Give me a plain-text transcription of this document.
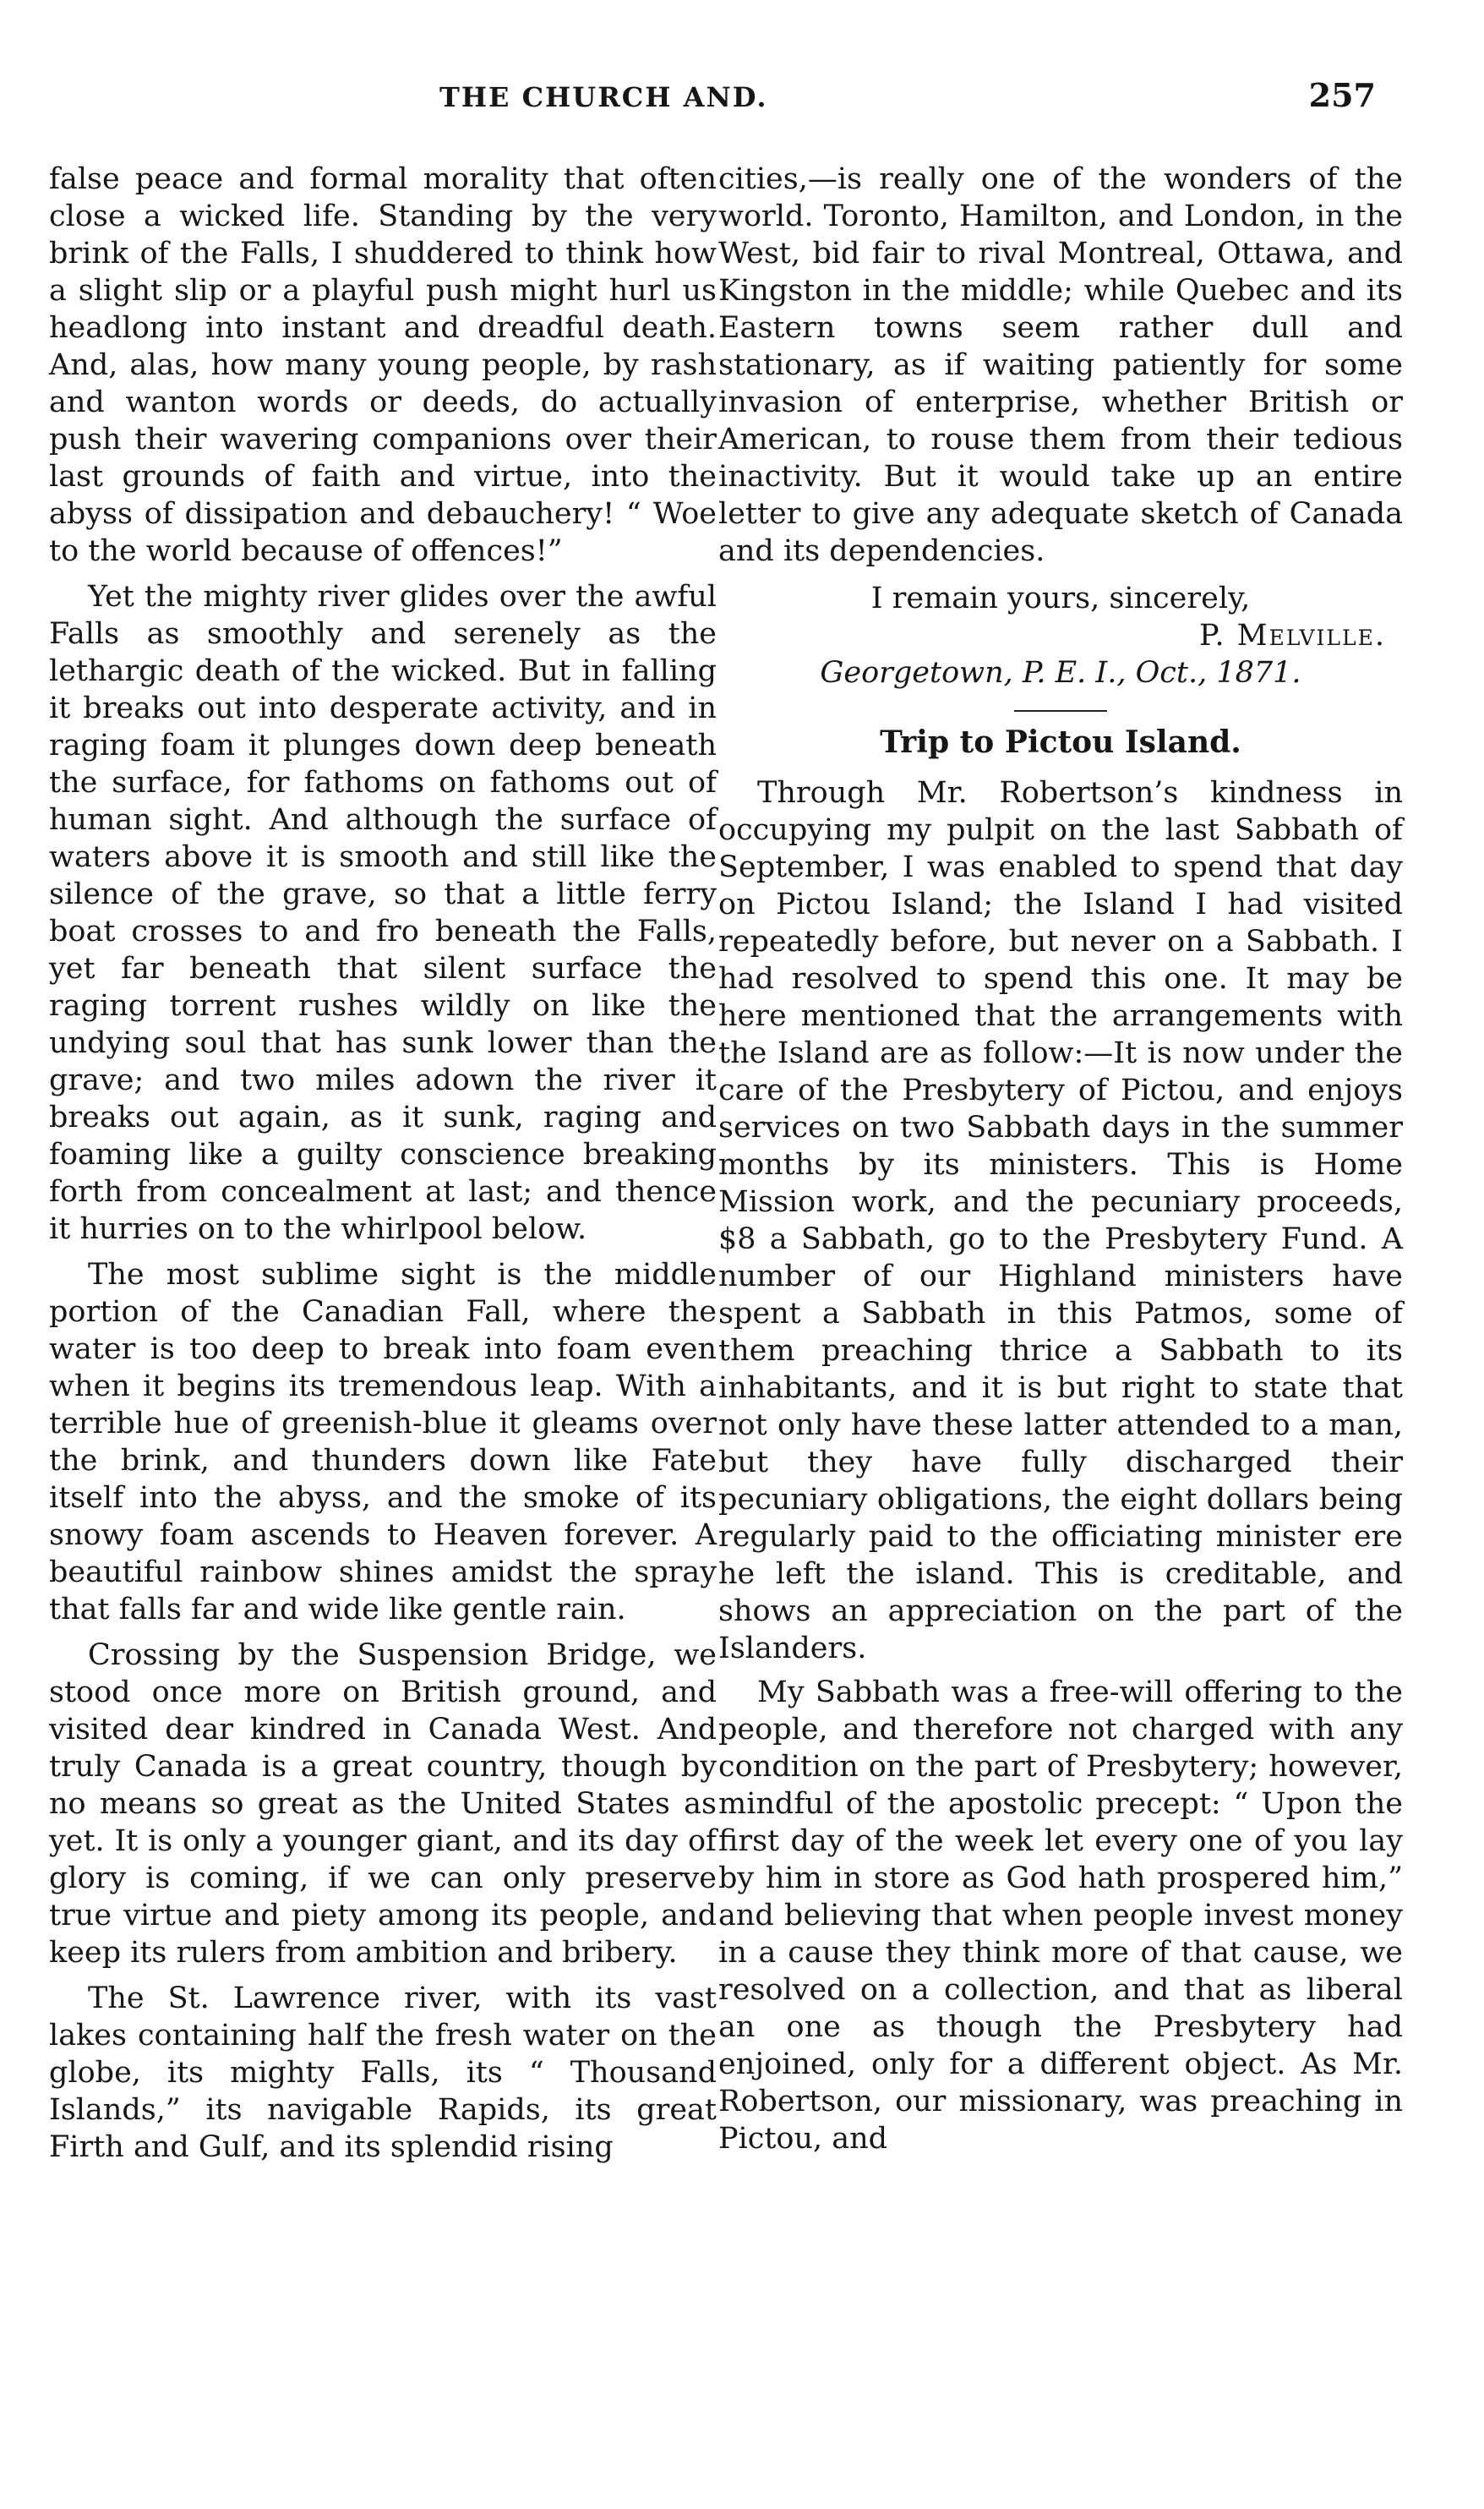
THE CHURCH AND.	257

false peace and formal morality that often close a wicked life. Standing by the very brink of the Falls, I shuddered to think how a slight slip or a playful push might hurl us headlong into instant and dreadful death. And, alas, how many young people, by rash and wanton words or deeds, do actually push their wavering companions over their last grounds of faith and virtue, into the abyss of dissipation and debauchery! “ Woe to the world because of offences!”

Yet the mighty river glides over the awful Falls as smoothly and serenely as the lethargic death of the wicked. But in falling it breaks out into desperate activity, and in raging foam it plunges down deep beneath the surface, for fathoms on fathoms out of human sight. And although the surface of waters above it is smooth and still like the silence of the grave, so that a little ferry boat crosses to and fro beneath the Falls, yet far beneath that silent surface the raging torrent rushes wildly on like the undying soul that has sunk lower than the grave; and two miles adown the river it breaks out again, as it sunk, raging and foaming like a guilty conscience breaking forth from concealment at last; and thence it hurries on to the whirlpool below.

The most sublime sight is the middle portion of the Canadian Fall, where the water is too deep to break into foam even when it begins its tremendous leap. With a terrible hue of greenish-blue it gleams over the brink, and thunders down like Fate itself into the abyss, and the smoke of its snowy foam ascends to Heaven forever. A beautiful rainbow shines amidst the spray that falls far and wide like gentle rain.

Crossing by the Suspension Bridge, we stood once more on British ground, and visited dear kindred in Canada West. And truly Canada is a great country, though by no means so great as the United States as yet. It is only a younger giant, and its day of glory is coming, if we can only preserve true virtue and piety among its people, and keep its rulers from ambition and bribery.

The St. Lawrence river, with its vast lakes containing half the fresh water on the globe, its mighty Falls, its “ Thousand Islands,” its navigable Rapids, its great Firth and Gulf, and its splendid rising

cities,—is really one of the wonders of the world. Toronto, Hamilton, and London, in the West, bid fair to rival Montreal, Ottawa, and Kingston in the middle; while Quebec and its Eastern towns seem rather dull and stationary, as if waiting patiently for some invasion of enterprise, whether British or American, to rouse them from their tedious inactivity. But it would take up an entire letter to give any adequate sketch of Canada and its dependencies.

I remain yours, sincerely,
P. Melville.
Georgetown, P. E. I., Oct., 1871.
Trip to Pictou Island.

Through Mr. Robertson’s kindness in occupying my pulpit on the last Sabbath of September, I was enabled to spend that day on Pictou Island; the Island I had visited repeatedly before, but never on a Sabbath. I had resolved to spend this one. It may be here mentioned that the arrangements with the Island are as follow:—It is now under the care of the Presbytery of Pictou, and enjoys services on two Sabbath days in the summer months by its ministers. This is Home Mission work, and the pecuniary proceeds, $8 a Sabbath, go to the Presbytery Fund. A number of our Highland ministers have spent a Sabbath in this Patmos, some of them preaching thrice a Sabbath to its inhabitants, and it is but right to state that not only have these latter attended to a man, but they have fully discharged their pecuniary obligations, the eight dollars being regularly paid to the officiating minister ere he left the island. This is creditable, and shows an appreciation on the part of the Islanders.

My Sabbath was a free-will offering to the people, and therefore not charged with any condition on the part of Presbytery; however, mindful of the apostolic precept: “ Upon the first day of the week let every one of you lay by him in store as God hath prospered him,” and believing that when people invest money in a cause they think more of that cause, we resolved on a collection, and that as liberal an one as though the Presbytery had enjoined, only for a different object. As Mr. Robertson, our missionary, was preaching in Pictou, and
